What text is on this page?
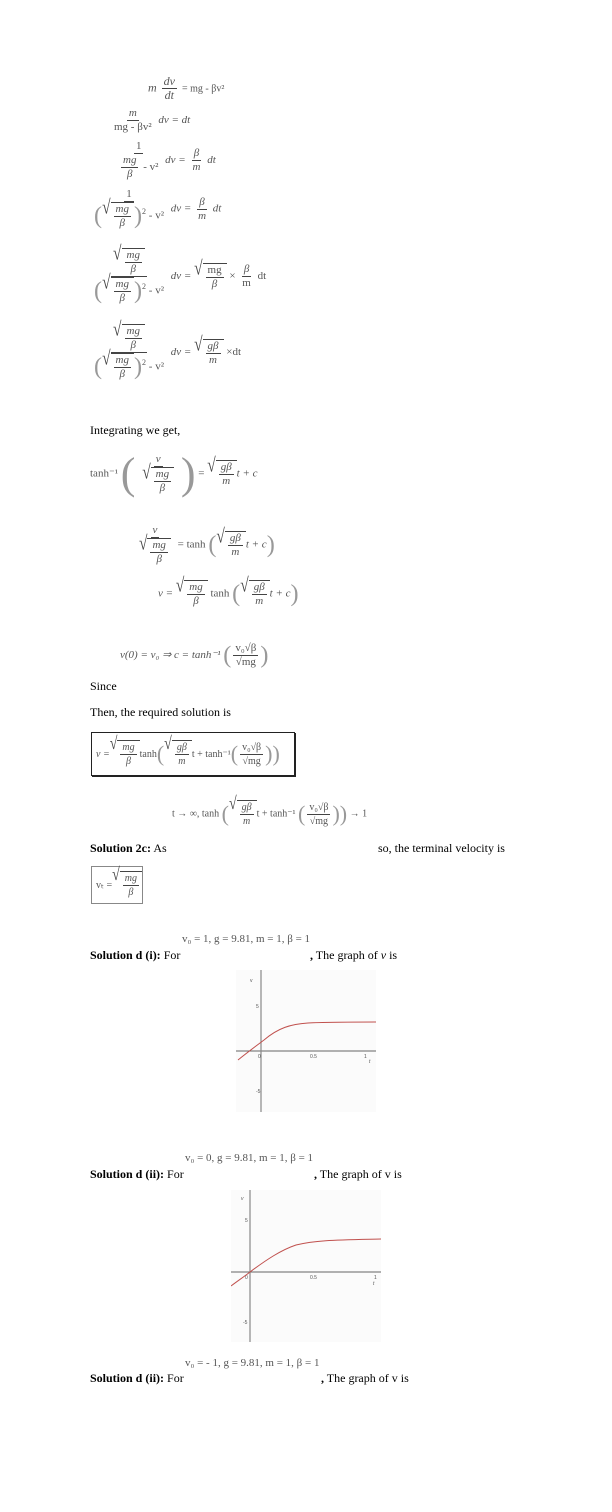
m $\frac{dv}{dt}$ = mg - βv²
$\frac{m}{\text{mg - βv²}}$ dv = dt
$\frac{1}{\frac{mg}{\beta} - v^2}$ dv = $\frac{\beta}{m}$ dt
$\frac{1}{( √ \frac{mg}{\beta} )^2 - v^2}$ dv = $\frac{\beta}{m}$ dt
$\frac{√ \frac{mg}{\beta}}{( √ \frac{mg}{\beta} )^2 - v^2}$ dv = √ $\frac{mg}{\beta} \times \frac{\beta}{m}$ dt
$\frac{√ \frac{mg}{\beta}}{( √ \frac{mg}{\beta} )^2 - v^2}$ dv = √ $\frac{g\beta}{m} \times dt$
Integrating we get,
tanh⁻¹ ( $\frac{v}{√ \frac{mg}{\beta}}$ ) = √ $\frac{g\beta}{m}$ t + c
$\frac{v}{√ \frac{mg}{\beta}} = \tanh$ ( √ $\frac{g\beta}{m}$ t + c)
v = √ $\frac{mg}{\beta}$ tanh ( √ $\frac{g\beta}{m}$ t + c)
v(0) = v₀ ⇒ c = tanh⁻¹ ( $\frac{\text{v₀√β}}{√mg}$ )
Since
Then, the required solution is
v = √ $\frac{mg}{\beta}$ tanh ( √ $\frac{g\beta}{m}$ t + tanh⁻¹ ( $\frac{\text{v₀√β}}{√mg}$ ) )
t → ∞, tanh ( √ $\frac{g\beta}{m}$ t + tanh⁻¹ ( $\frac{\text{v₀√β}}{√mg}$ )) → 1
Solution 2c: As	so, the terminal velocity is
vₜ = √ $\frac{mg}{\beta}$
v₀ = 1, g = 9.81, m = 1, β = 1
Solution d (i): For	, The graph of v is
v
5
-5
0	0.5	1
t
v₀ = 0, g = 9.81, m = 1, β = 1
Solution d (ii): For	, The graph of v is
v
5
-5
0	0.5	1
t
v₀ = - 1, g = 9.81, m = 1, β = 1
Solution d (ii): For	, The graph of v is
